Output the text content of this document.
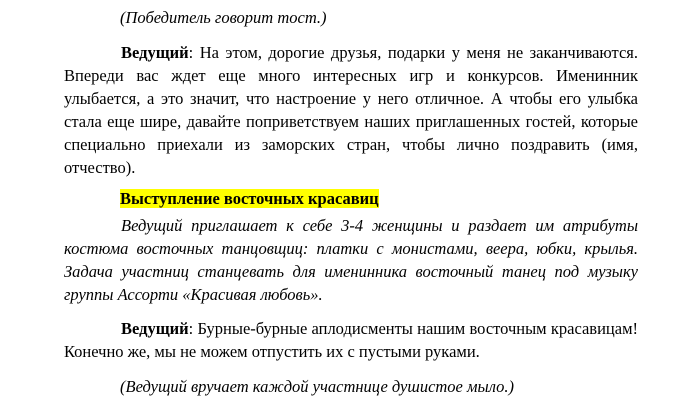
(Победитель говорит тост.)

Ведущий: На этом, дорогие друзья, подарки у меня не заканчиваются. Впереди вас ждет еще много интересных игр и конкурсов. Именинник улыбается, а это значит, что настроение у него отличное. А чтобы его улыбка стала еще шире, давайте поприветствуем наших приглашенных гостей, которые специально приехали из заморских стран, чтобы лично поздравить (имя, отчество).

Выступление восточных красавиц

Ведущий приглашает к себе 3-4 женщины и раздает им атрибуты костюма восточных танцовщиц: платки с монистами, веера, юбки, крылья. Задача участниц станцевать для именинника восточный танец под музыку группы Ассорти «Красивая любовь».

Ведущий: Бурные-бурные аплодисменты нашим восточным красавицам! Конечно же, мы не можем отпустить их с пустыми руками.

(Ведущий вручает каждой участнице душистое мыло.)
